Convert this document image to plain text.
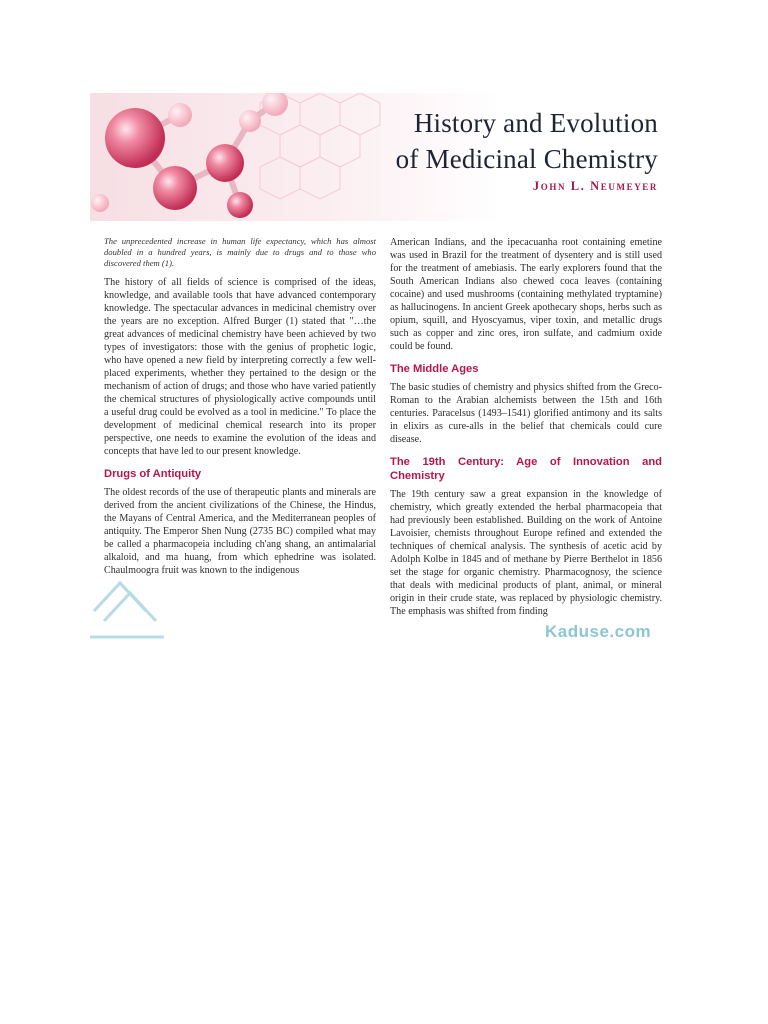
History and Evolution
of Medicinal Chemistry
John L. Neumeyer

The unprecedented increase in human life expectancy, which has almost doubled in a hundred years, is mainly due to drugs and to those who discovered them (1).

The history of all fields of science is comprised of the ideas, knowledge, and available tools that have advanced contemporary knowledge. The spectacular advances in medicinal chemistry over the years are no exception. Alfred Burger (1) stated that "…the great advances of medicinal chemistry have been achieved by two types of investigators: those with the genius of prophetic logic, who have opened a new field by interpreting correctly a few well-placed experiments, whether they pertained to the design or the mechanism of action of drugs; and those who have varied patiently the chemical structures of physiologically active compounds until a useful drug could be evolved as a tool in medicine." To place the development of medicinal chemical research into its proper perspective, one needs to examine the evolution of the ideas and concepts that have led to our present knowledge.

Drugs of Antiquity

The oldest records of the use of therapeutic plants and minerals are derived from the ancient civilizations of the Chinese, the Hindus, the Mayans of Central America, and the Mediterranean peoples of antiquity. The Emperor Shen Nung (2735 BC) compiled what may be called a pharmacopeia including ch'ang shang, an antimalarial alkaloid, and ma huang, from which ephedrine was isolated. Chaulmoogra fruit was known to the indigenous

American Indians, and the ipecacuanha root containing emetine was used in Brazil for the treatment of dysentery and is still used for the treatment of amebiasis. The early explorers found that the South American Indians also chewed coca leaves (containing cocaine) and used mushrooms (containing methylated tryptamine) as hallucinogens. In ancient Greek apothecary shops, herbs such as opium, squill, and Hyoscyamus, viper toxin, and metallic drugs such as copper and zinc ores, iron sulfate, and cadmium oxide could be found.

The Middle Ages

The basic studies of chemistry and physics shifted from the Greco-Roman to the Arabian alchemists between the 15th and 16th centuries. Paracelsus (1493–1541) glorified antimony and its salts in elixirs as cure-alls in the belief that chemicals could cure disease.

The 19th Century: Age of Innovation and Chemistry

The 19th century saw a great expansion in the knowledge of chemistry, which greatly extended the herbal pharmacopeia that had previously been established. Building on the work of Antoine Lavoisier, chemists throughout Europe refined and extended the techniques of chemical analysis. The synthesis of acetic acid by Adolph Kolbe in 1845 and of methane by Pierre Berthelot in 1856 set the stage for organic chemistry. Pharmacognosy, the science that deals with medicinal products of plant, animal, or mineral origin in their crude state, was replaced by physiologic chemistry. The emphasis was shifted from finding

Kaduse.com
